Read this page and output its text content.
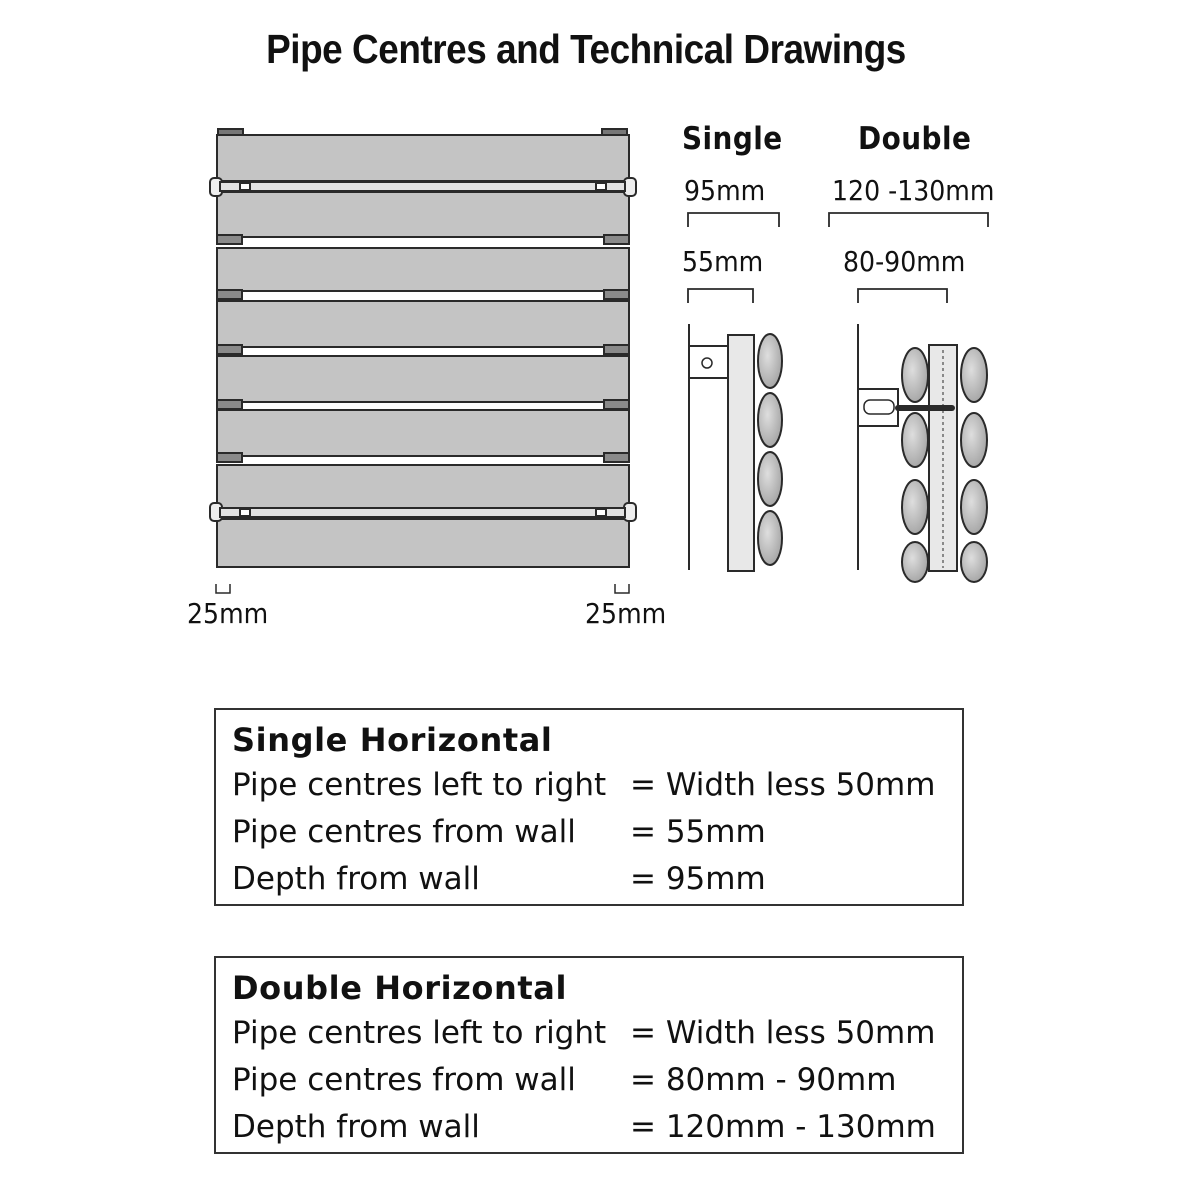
Pipe Centres and Technical Drawings
25mm	25mm
Single
95mm
55mm
Double
120 -130mm
80-90mm
Single Horizontal
Pipe centres left to right = Width less 50mm
Pipe centres from wall = 55mm
Depth from wall	= 95mm
Double Horizontal
Pipe centres left to right = Width less 50mm
Pipe centres from wall = 80mm - 90mm
Depth from wall	= 120mm - 130mm
